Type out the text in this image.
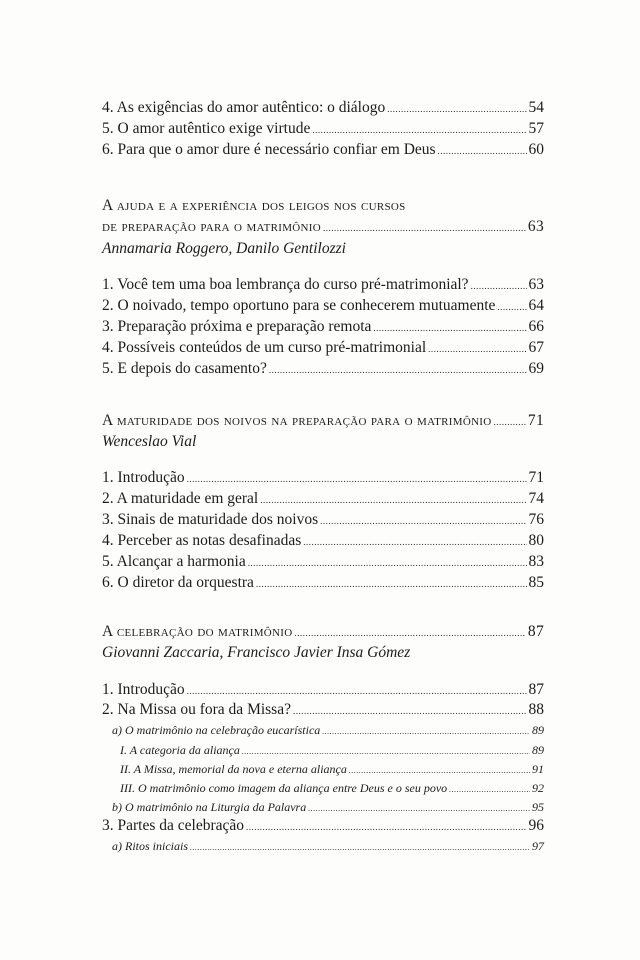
4. As exigências do amor autêntico: o diálogo .....	54
5. O amor autêntico exige virtude .....	57
6. Para que o amor dure é necessário confiar em Deus .....	60
A ajuda e a experiência dos leigos nos cursos
de preparação para o matrimônio .....	63
Annamaria Roggero, Danilo Gentilozzi
1. Você tem uma boa lembrança do curso pré-matrimonial? .....	63
2. O noivado, tempo oportuno para se conhecerem mutuamente ..... 64
3. Preparação próxima e preparação remota .....	66
4. Possíveis conteúdos de um curso pré-matrimonial .....	67
5. E depois do casamento? .....	69
A maturidade dos noivos na preparação para o matrimônio ..... 71
Wenceslao Vial
1. Introdução .....	71
2. A maturidade em geral .....	74
3. Sinais de maturidade dos noivos .....	76
4. Perceber as notas desafinadas .....	80
5. Alcançar a harmonia .....	83
6. O diretor da orquestra .....	85
A celebração do matrimônio .....	87
Giovanni Zaccaria, Francisco Javier Insa Gómez
1. Introdução .....	87
2. Na Missa ou fora da Missa? .....	88
a) O matrimônio na celebração eucarística .....	89
I. A categoria da aliança .....	89
II. A Missa, memorial da nova e eterna aliança .....	91
III. O matrimônio como imagem da aliança entre Deus e o seu povo .....	92
b) O matrimônio na Liturgia da Palavra .....	95
3. Partes da celebração .....	96
a) Ritos iniciais .....	97
